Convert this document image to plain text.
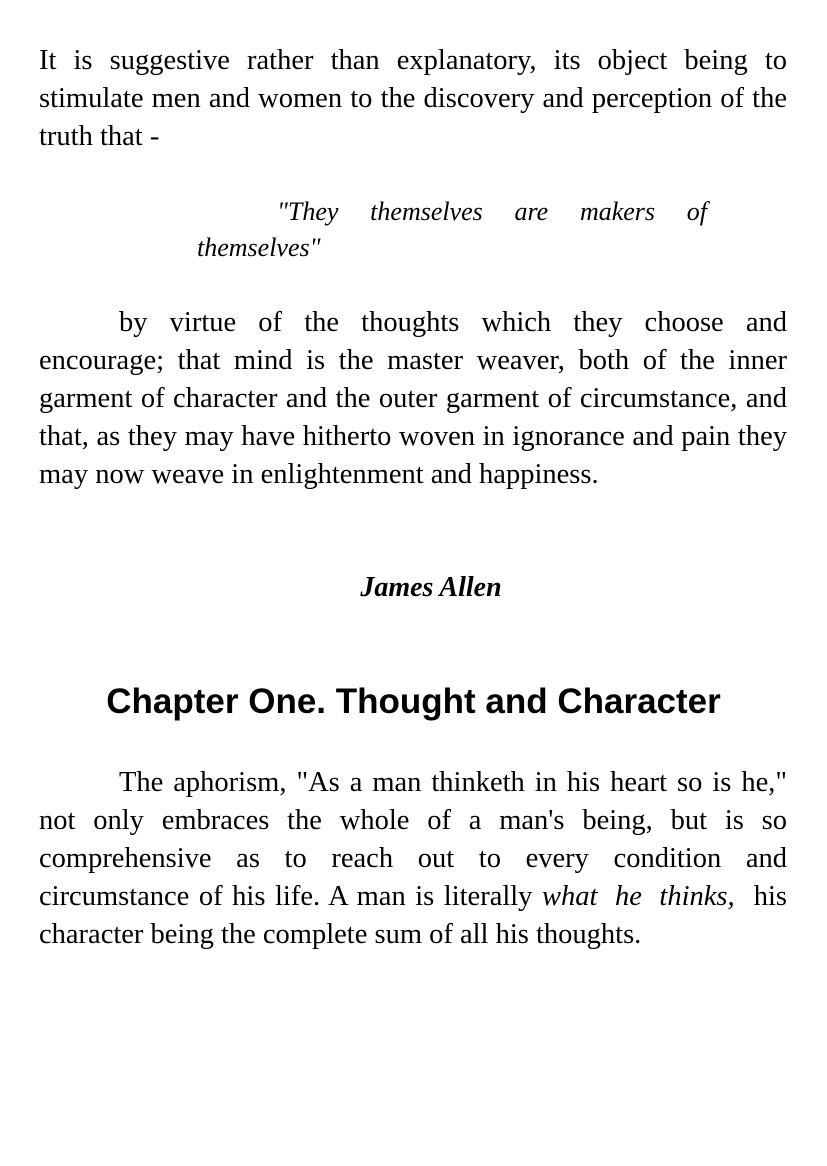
It is suggestive rather than explanatory, its object being to stimulate men and women to the discovery and perception of the truth that -

"They themselves are makers of themselves"

by virtue of the thoughts which they choose and encourage; that mind is the master weaver, both of the inner garment of character and the outer garment of circumstance, and that, as they may have hitherto woven in ignorance and pain they may now weave in enlightenment and happiness.

James Allen

Chapter One. Thought and Character

The aphorism, "As a man thinketh in his heart so is he," not only embraces the whole of a man's being, but is so comprehensive as to reach out to every condition and circumstance of his life. A man is literally what he thinks, his character being the complete sum of all his thoughts.
